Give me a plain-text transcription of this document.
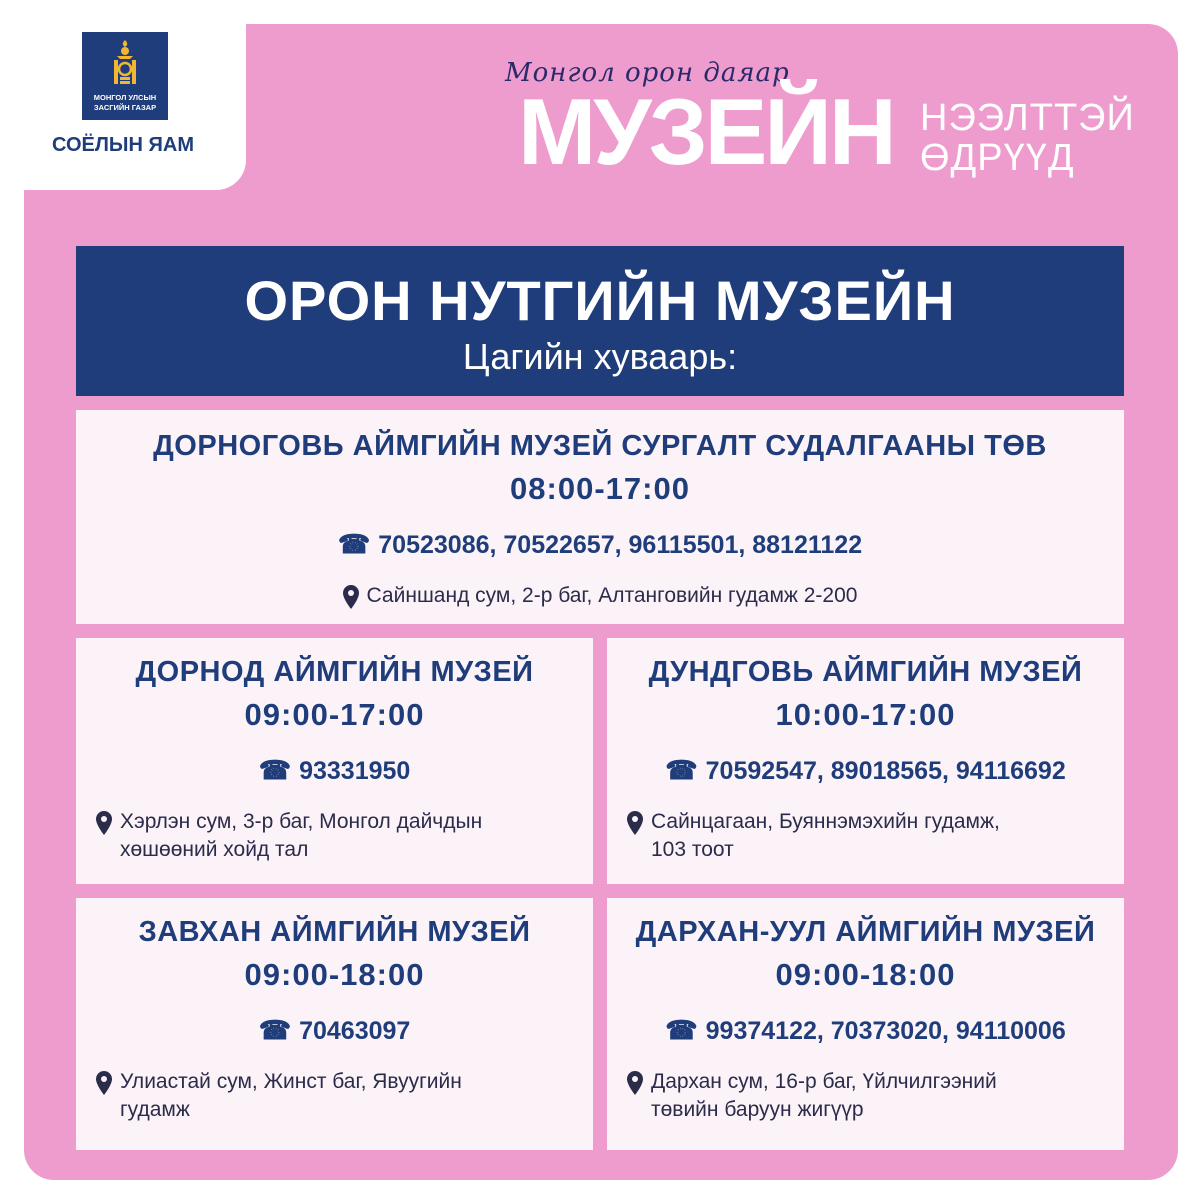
МОНГОЛ УЛСЫН
ЗАСГИЙН ГАЗАР
СОЁЛЫН ЯАМ
Монгол орон даяар
МУЗЕЙН НЭЭЛТТЭЙ
ӨДРҮҮД
ОРОН НУТГИЙН МУЗЕЙН
Цагийн хуваарь:
ДОРНОГОВЬ АЙМГИЙН МУЗЕЙ СУРГАЛТ СУДАЛГААНЫ ТӨВ
08:00-17:00
☎ 70523086, 70522657, 96115501, 88121122
Сайншанд сум, 2-р баг, Алтанговийн гудамж 2-200
ДОРНОД АЙМГИЙН МУЗЕЙ
09:00-17:00
☎ 93331950
Хэрлэн сум, 3-р баг, Монгол дайчдын
хөшөөний хойд тал
ДУНДГОВЬ АЙМГИЙН МУЗЕЙ
10:00-17:00
☎ 70592547, 89018565, 94116692
Сайнцагаан, Буяннэмэхийн гудамж,
103 тоот
ЗАВХАН АЙМГИЙН МУЗЕЙ
09:00-18:00
☎ 70463097
Улиастай сум, Жинст баг, Явуугийн
гудамж
ДАРХАН-УУЛ АЙМГИЙН МУЗЕЙ
09:00-18:00
☎ 99374122, 70373020, 94110006
Дархан сум, 16-р баг, Үйлчилгээний
төвийн баруун жигүүр
